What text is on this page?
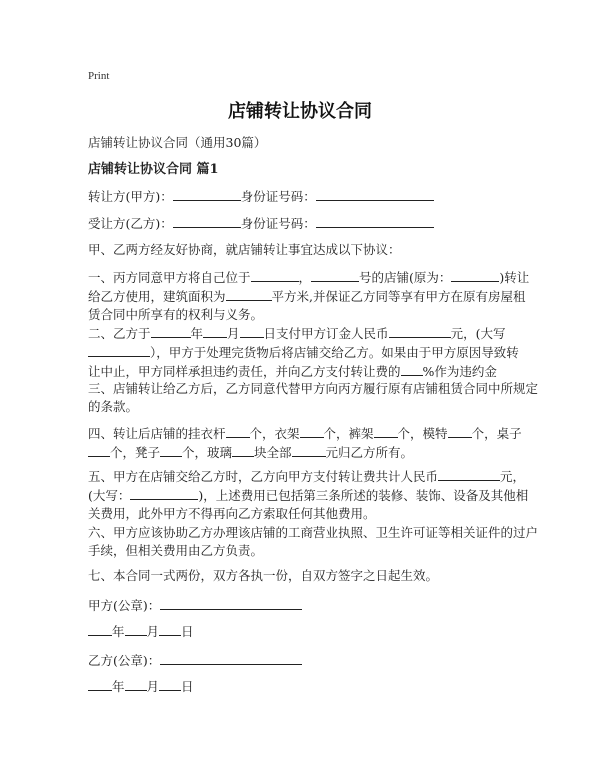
Print
店铺转让协议合同
店铺转让协议合同（通用30篇）
店铺转让协议合同 篇1
转让方(甲方)：	身份证号码：
受让方(乙方)：	身份证号码：
甲、乙两方经友好协商，就店铺转让事宜达成以下协议：
一、丙方同意甲方将自己位于	，	号的店铺(原为：	)转让
给乙方使用，建筑面积为	平方米,并保证乙方同等享有甲方在原有房屋租
赁合同中所享有的权利与义务。
二、乙方于	年 月 日支付甲方订金人民币	元，(大写
），甲方于处理完货物后将店铺交给乙方。如果由于甲方原因导致转
让中止，甲方同样承担违约责任，并向乙方支付转让费的 %作为违约金
三、店铺转让给乙方后，乙方同意代替甲方向丙方履行原有店铺租赁合同中所规定
的条款。
四、转让后店铺的挂衣杆 个，衣架 个，裤架 个，模特 个，桌子
个，凳子 个，玻璃 块全部	元归乙方所有。
五、甲方在店铺交给乙方时，乙方向甲方支付转让费共计人民币	元，
(大写：	)，上述费用已包括第三条所述的装修、装饰、设备及其他相
关费用，此外甲方不得再向乙方索取任何其他费用。
六、甲方应该协助乙方办理该店铺的工商营业执照、卫生许可证等相关证件的过户
手续，但相关费用由乙方负责。
七、本合同一式两份，双方各执一份，自双方签字之日起生效。
甲方(公章)：
年 月 日
乙方(公章)：
年 月 日
